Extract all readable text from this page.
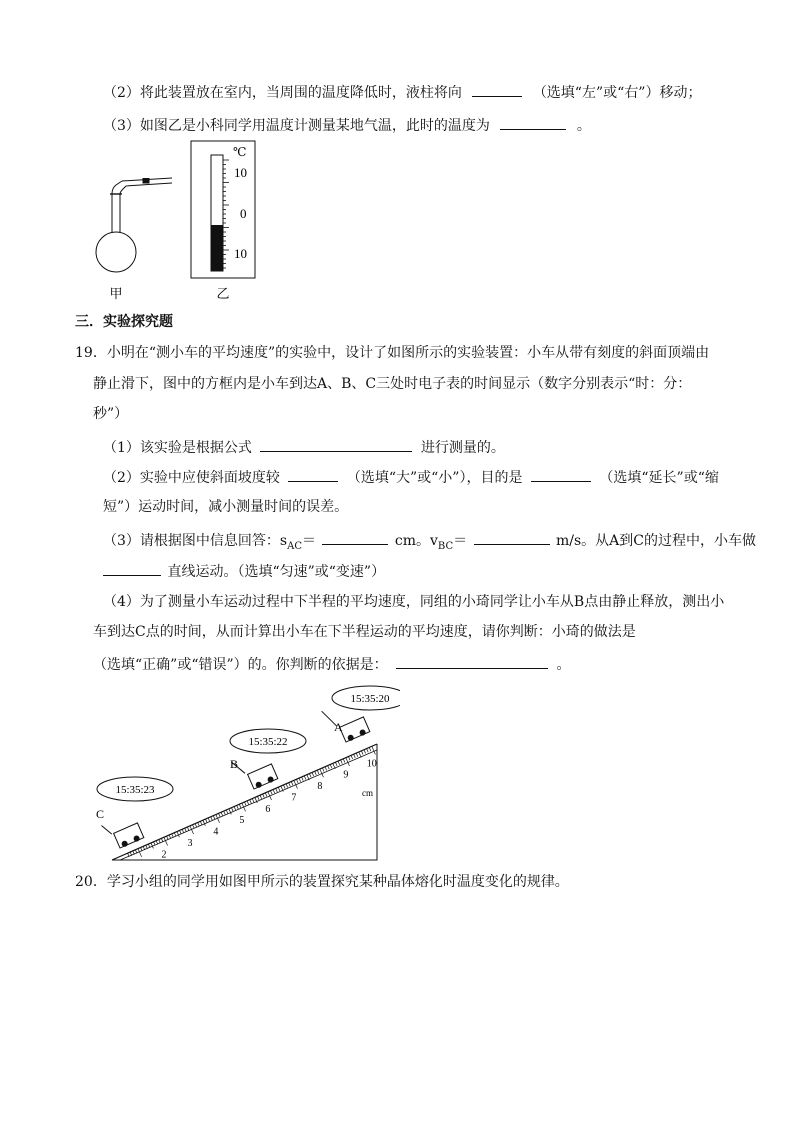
（2）将此装置放在室内，当周围的温度降低时，液柱将向	（选填“左”或“右”）移动；
（3）如图乙是小科同学用温度计测量某地气温，此时的温度为	。
甲
℃
10
0
10
乙
三．实验探究题
19．小明在“测小车的平均速度”的实验中，设计了如图所示的实验装置：小车从带有刻度的斜面顶端由
静止滑下，图中的方框内是小车到达A、B、C三处时电子表的时间显示（数字分别表示“时：分：
秒”）
（1）该实验是根据公式	进行测量的。
（2）实验中应使斜面坡度较	（选填“大”或“小”），目的是	（选填“延长”或“缩
短”）运动时间，减小测量时间的误差。
（3）请根据图中信息回答：$s_{AC}=$	cm。$v_{BC}=$	m/s。从A到C的过程中，小车做
直线运动。（选填“匀速”或“变速”）
（4）为了测量小车运动过程中下半程的平均速度，同组的小琦同学让小车从B点由静止释放，测出小
车到达C点的时间，从而计算出小车在下半程运动的平均速度，请你判断：小琦的做法是
（选填“正确”或“错误”）的。你判断的依据是：	。
2
3
4
5
6
7
8
9
10
cm
15:35:20
15:35:22
15:35:23
A
B
C
20．学习小组的同学用如图甲所示的装置探究某种晶体熔化时温度变化的规律。
